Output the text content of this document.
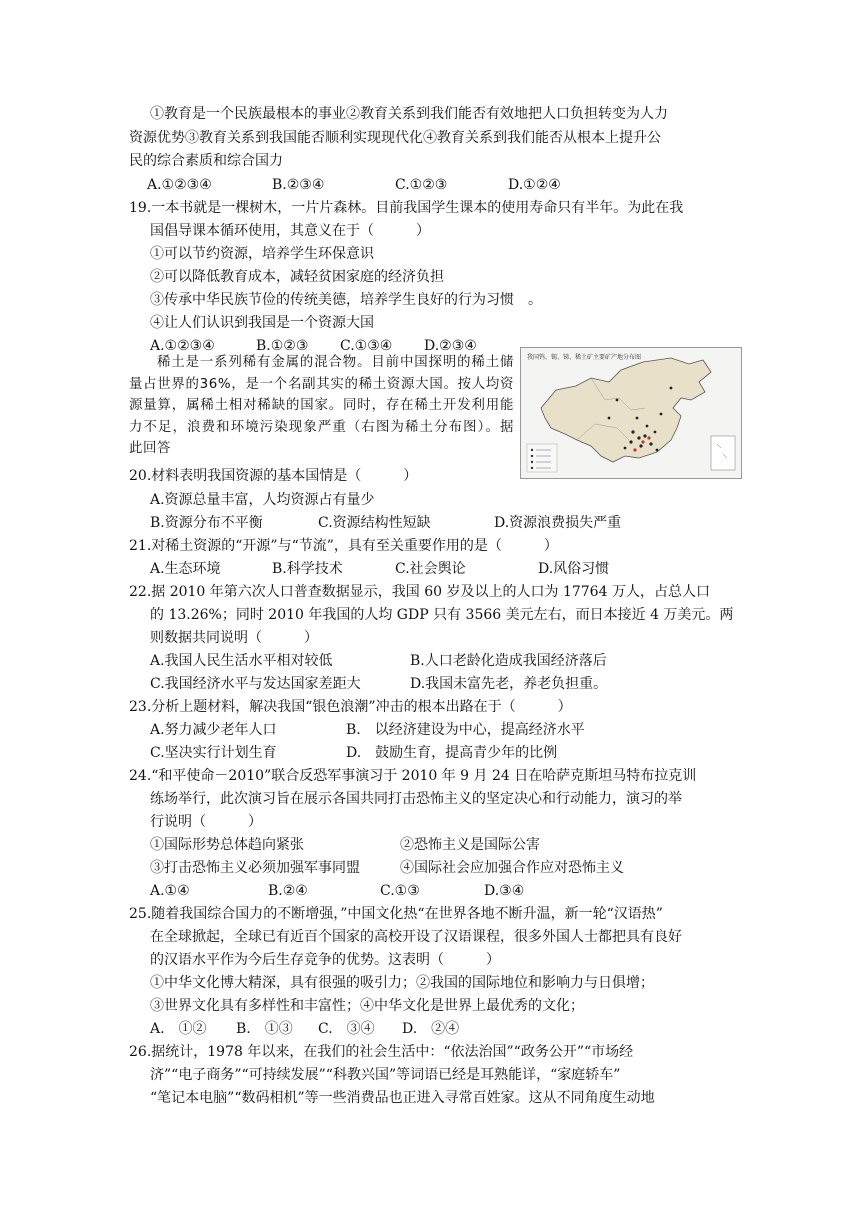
①教育是一个民族最根本的事业②教育关系到我们能否有效地把人口负担转变为人力
资源优势③教育关系到我国能否顺利实现现代化④教育关系到我们能否从根本上提升公
民的综合素质和综合国力
A.①②③④	B.②③④	C.①②③	D.①②④
19.一本书就是一棵树木，一片片森林。目前我国学生课本的使用寿命只有半年。为此在我
国倡导课本循环使用，其意义在于（　　　）
①可以节约资源，培养学生环保意识
②可以降低教育成本，减轻贫困家庭的经济负担
③传承中华民族节俭的传统美德，培养学生良好的行为习惯　。
④让人们认识到我国是一个资源大国
A.①②③④	B.①②③ C.①③④ D.②③④
稀土是一系列稀有金属的混合物。目前中国探明的稀土储量占世界的36%，是一个名副其实的稀土资源大国。按人均资源量算，属稀土相对稀缺的国家。同时，存在稀土开发利用能力不足，浪费和环境污染现象严重（右图为稀土分布图）。据此回答
我国钨、锡、锑、稀土矿主要矿产地分布图
20.材料表明我国资源的基本国情是（　　　）
A.资源总量丰富，人均资源占有量少
B.资源分布不平衡	C.资源结构性短缺	D.资源浪费损失严重
21.对稀土资源的“开源”与“节流”，具有至关重要作用的是（　　　）
A.生态环境	B.科学技术	C.社会舆论	D.风俗习惯
22.据 2010 年第六次人口普查数据显示，我国 60 岁及以上的人口为 17764 万人，占总人口
的 13.26%；同时 2010 年我国的人均 GDP 只有 3566 美元左右，而日本接近 4 万美元。两
则数据共同说明（　　　）
A.我国人民生活水平相对较低	B.人口老龄化造成我国经济落后
C.我国经济水平与发达国家差距大	D.我国未富先老，养老负担重。
23.分析上题材料，解决我国“银色浪潮”冲击的根本出路在于（　　　）
A.努力减少老年人口	B.　以经济建设为中心，提高经济水平
C.坚决实行计划生育	D.　鼓励生育，提高青少年的比例
24.“和平使命－2010”联合反恐军事演习于 2010 年 9 月 24 日在哈萨克斯坦马特布拉克训
练场举行，此次演习旨在展示各国共同打击恐怖主义的坚定决心和行动能力，演习的举
行说明（　　　）
①国际形势总体趋向紧张	②恐怖主义是国际公害
③打击恐怖主义必须加强军事同盟	④国际社会应加强合作应对恐怖主义
A.①④	B.②④	C.①③	D.③④
25.随着我国综合国力的不断增强，”中国文化热“在世界各地不断升温，新一轮“汉语热”
在全球掀起，全球已有近百个国家的高校开设了汉语课程，很多外国人士都把具有良好
的汉语水平作为今后生存竞争的优势。这表明（　　　）
①中华文化博大精深，具有很强的吸引力；②我国的国际地位和影响力与日俱增；
③世界文化具有多样性和丰富性；④中华文化是世界上最优秀的文化；
A.　①② B.　①③ C.　③④ D.　②④
26.据统计，1978 年以来，在我们的社会生活中：“依法治国”“政务公开”“市场经
济”“电子商务”“可持续发展”“科教兴国”等词语已经是耳熟能详，“家庭轿车”
“笔记本电脑”“数码相机”等一些消费品也正进入寻常百姓家。这从不同角度生动地
